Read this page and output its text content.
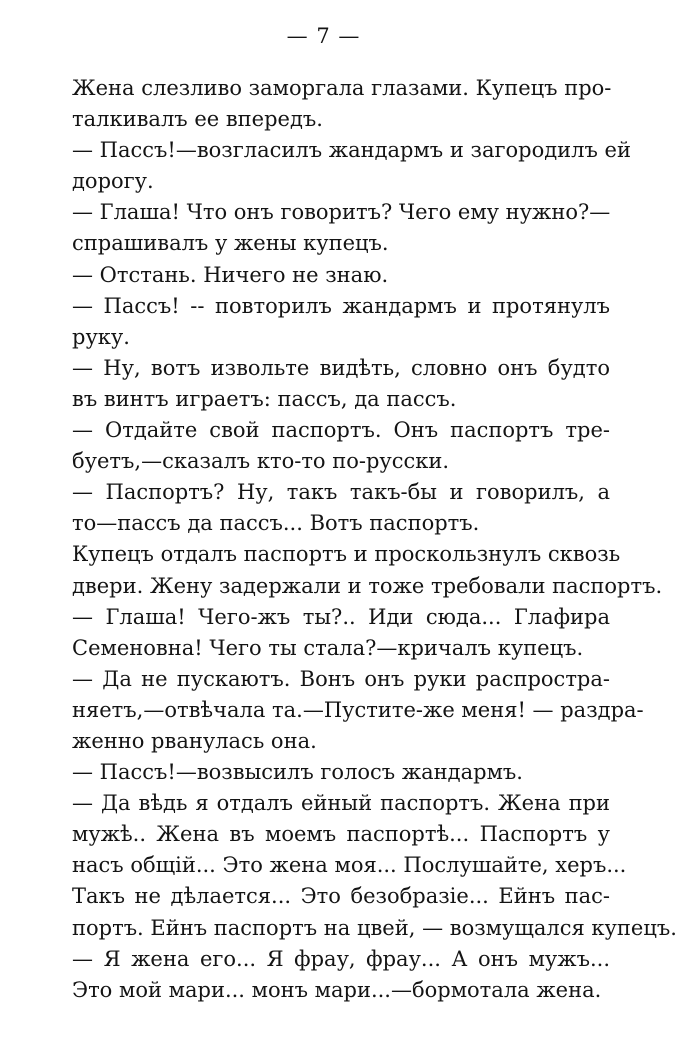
— 7 —
Жена слезливо заморгала глазами. Купецъ про-
талкивалъ ее впередъ.
— Пассъ!—возгласилъ жандармъ и загородилъ ей
дорогу.
— Глаша! Что онъ говоритъ? Чего ему нужно?—
спрашивалъ у жены купецъ.
— Отстань. Ничего не знаю.
— Пассъ! -- повторилъ жандармъ и протянулъ
руку.
— Ну, вотъ извольте видѣть, словно онъ будто
въ винтъ играетъ: пассъ, да пассъ.
— Отдайте свой паспортъ. Онъ паспортъ тре-
буетъ,—сказалъ кто-то по-русски.
— Паспортъ? Ну, такъ такъ-бы и говорилъ, а
то—пассъ да пассъ... Вотъ паспортъ.
Купецъ отдалъ паспортъ и проскользнулъ сквозь
двери. Жену задержали и тоже требовали паспортъ.
— Глаша! Чего-жъ ты?.. Иди сюда... Глафира
Семеновна! Чего ты стала?—кричалъ купецъ.
— Да не пускаютъ. Вонъ онъ руки распростра-
няетъ,—отвѣчала та.—Пустите-же меня! — раздра-
женно рванулась она.
— Пассъ!—возвысилъ голосъ жандармъ.
— Да вѣдь я отдалъ ейный паспортъ. Жена при
мужѣ.. Жена въ моемъ паспортѣ... Паспортъ у
насъ общій... Это жена моя... Послушайте, херъ...
Такъ не дѣлается... Это безобразіе... Ейнъ пас-
портъ. Ейнъ паспортъ на цвей, — возмущался купецъ.
— Я жена его... Я фрау, фрау... А онъ мужъ...
Это мой мари... монъ мари...—бормотала жена.
